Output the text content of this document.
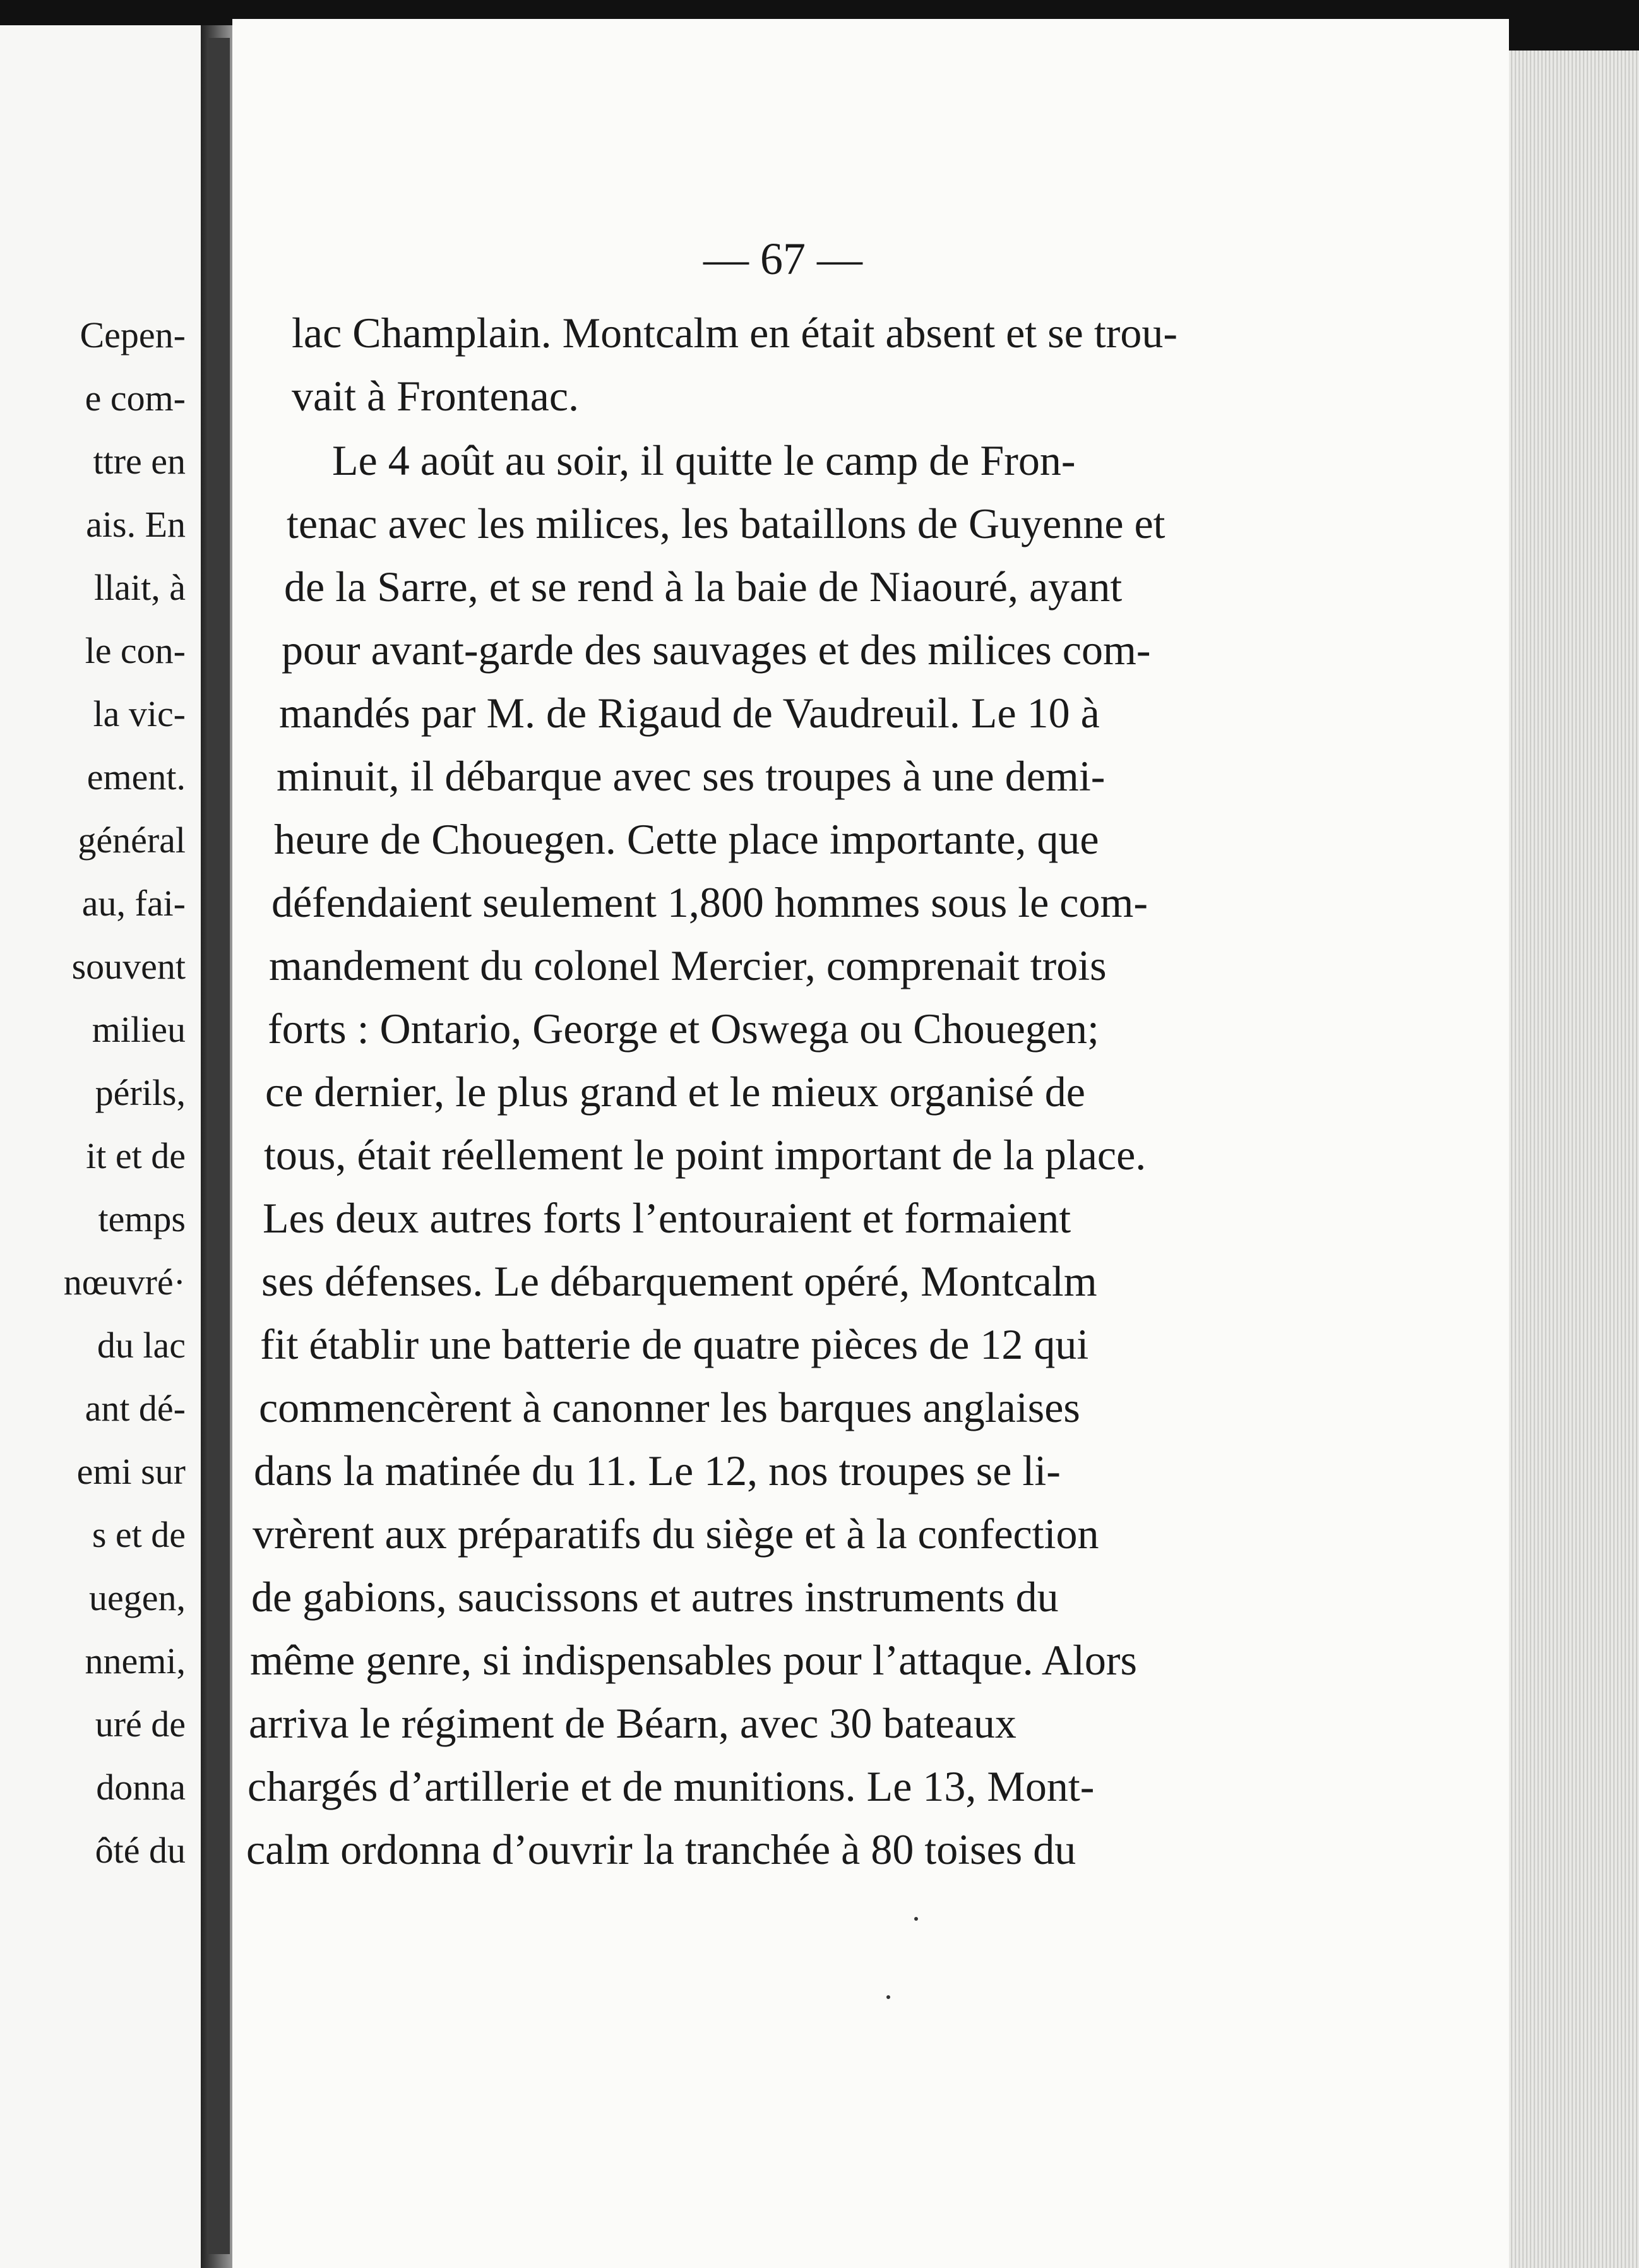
Cepen-
e com-
ttre en
ais. En
llait, à
le con-
la vic-
ement.
général
au, fai-
souvent
milieu
périls,
it et de
temps
nœuvré·
du lac
ant dé-
emi sur
s et de
uegen,
nnemi,
uré de
donna
ôté du
— 67 —
lac Champlain. Montcalm en était absent et se trou-
vait à Frontenac.
Le 4 août au soir, il quitte le camp de Fron-
tenac avec les milices, les bataillons de Guyenne et
de la Sarre, et se rend à la baie de Niaouré, ayant
pour avant-garde des sauvages et des milices com-
mandés par M. de Rigaud de Vaudreuil. Le 10 à
minuit, il débarque avec ses troupes à une demi-
heure de Chouegen. Cette place importante, que
défendaient seulement 1,800 hommes sous le com-
mandement du colonel Mercier, comprenait trois
forts : Ontario, George et Oswega ou Chouegen;
ce dernier, le plus grand et le mieux organisé de
tous, était réellement le point important de la place.
Les deux autres forts l’entouraient et formaient
ses défenses. Le débarquement opéré, Montcalm
fit établir une batterie de quatre pièces de 12 qui
commencèrent à canonner les barques anglaises
dans la matinée du 11. Le 12, nos troupes se li-
vrèrent aux préparatifs du siège et à la confection
de gabions, saucissons et autres instruments du
même genre, si indispensables pour l’attaque. Alors
arriva le régiment de Béarn, avec 30 bateaux
chargés d’artillerie et de munitions. Le 13, Mont-
calm ordonna d’ouvrir la tranchée à 80 toises du
